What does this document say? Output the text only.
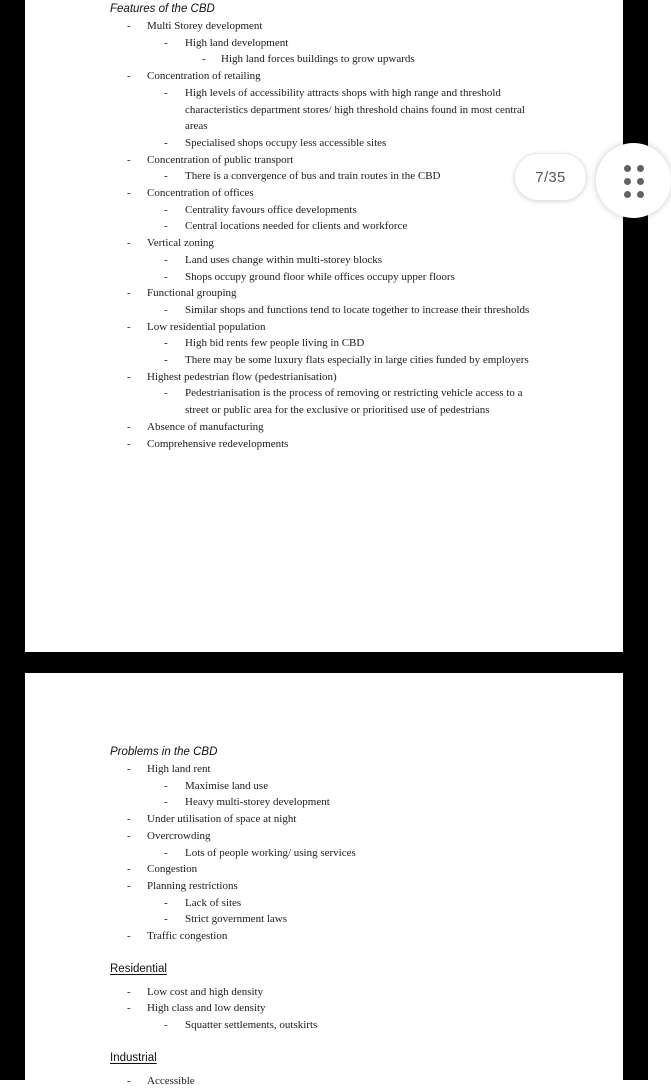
Features of the CBD
- Multi Storey development
- High land development
- High land forces buildings to grow upwards
- Concentration of retailing
- High levels of accessibility attracts shops with high range and threshold characteristics department stores/ high threshold chains found in most central areas
- Specialised shops occupy less accessible sites
- Concentration of public transport
- There is a convergence of bus and train routes in the CBD
- Concentration of offices
- Centrality favours office developments
- Central locations needed for clients and workforce
- Vertical zoning
- Land uses change within multi-storey blocks
- Shops occupy ground floor while offices occupy upper floors
- Functional grouping
- Similar shops and functions tend to locate together to increase their thresholds
- Low residential population
- High bid rents few people living in CBD
- There may be some luxury flats especially in large cities funded by employers
- Highest pedestrian flow (pedestrianisation)
- Pedestrianisation is the process of removing or restricting vehicle access to a street or public area for the exclusive or prioritised use of pedestrians
- Absence of manufacturing
- Comprehensive redevelopments
Problems in the CBD
- High land rent
- Maximise land use
- Heavy multi-storey development
- Under utilisation of space at night
- Overcrowding
- Lots of people working/ using services
- Congestion
- Planning restrictions
- Lack of sites
- Strict government laws
- Traffic congestion
Residential
- Low cost and high density
- High class and low density
- Squatter settlements, outskirts
Industrial
- Accessible
7/35
